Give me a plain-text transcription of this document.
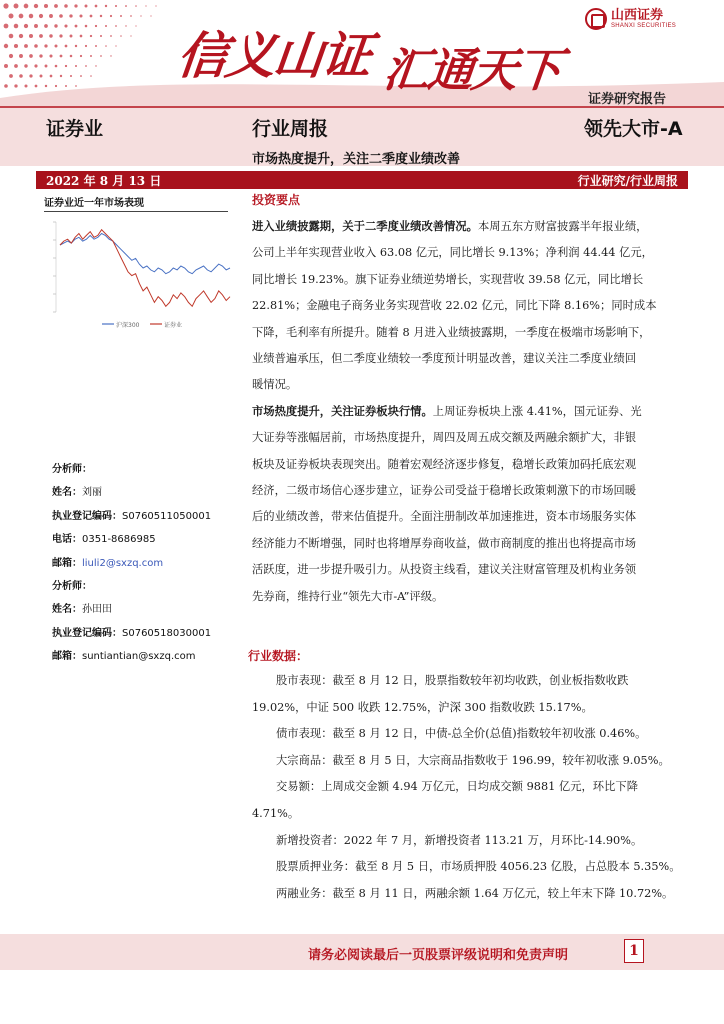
信义山证 汇通天下
山西证券
SHANXI SECURITIES
证券研究报告
证券业	行业周报	领先大市-A
市场热度提升，关注二季度业绩改善
2022 年 8 月 13 日	行业研究/行业周报
证券业近一年市场表现
沪深300	证券业
分析师：
姓名：刘丽
执业登记编码：S0760511050001
电话：0351-8686985
邮箱：liuli2@sxzq.com
分析师：
姓名：孙田田
执业登记编码：S0760518030001
邮箱：suntiantian@sxzq.com
投资要点
进入业绩披露期，关于二季度业绩改善情况。本周五东方财富披露半年报业绩，
公司上半年实现营业收入 63.08 亿元，同比增长 9.13%；净利润 44.44 亿元，
同比增长 19.23%。旗下证券业绩逆势增长，实现营收 39.58 亿元，同比增长
22.81%；金融电子商务业务实现营收 22.02 亿元，同比下降 8.16%；同时成本
下降，毛利率有所提升。随着 8 月进入业绩披露期，一季度在极端市场影响下，
业绩普遍承压，但二季度业绩较一季度预计明显改善，建议关注二季度业绩回
暖情况。
市场热度提升，关注证券板块行情。上周证券板块上涨 4.41%，国元证券、光
大证券等涨幅居前，市场热度提升，周四及周五成交额及两融余额扩大，非银
板块及证券板块表现突出。随着宏观经济逐步修复，稳增长政策加码托底宏观
经济，二级市场信心逐步建立，证券公司受益于稳增长政策刺激下的市场回暖
后的业绩改善，带来估值提升。全面注册制改革加速推进，资本市场服务实体
经济能力不断增强，同时也将增厚券商收益，做市商制度的推出也将提高市场
活跃度，进一步提升吸引力。从投资主线看，建议关注财富管理及机构业务领
先券商，维持行业“领先大市-A”评级。
行业数据：
股市表现：截至 8 月 12 日，股票指数较年初均收跌，创业板指数收跌
19.02%，中证 500 收跌 12.75%，沪深 300 指数收跌 15.17%。
债市表现：截至 8 月 12 日，中债-总全价(总值)指数较年初收涨 0.46%。
大宗商品：截至 8 月 5 日，大宗商品指数收于 196.99，较年初收涨 9.05%。
交易额：上周成交金额 4.94 万亿元，日均成交额 9881 亿元，环比下降
4.71%。
新增投资者：2022 年 7 月，新增投资者 113.21 万，月环比-14.90%。
股票质押业务：截至 8 月 5 日，市场质押股 4056.23 亿股，占总股本 5.35%。
两融业务：截至 8 月 11 日，两融余额 1.64 万亿元，较上年末下降 10.72%。
请务必阅读最后一页股票评级说明和免责声明	1
